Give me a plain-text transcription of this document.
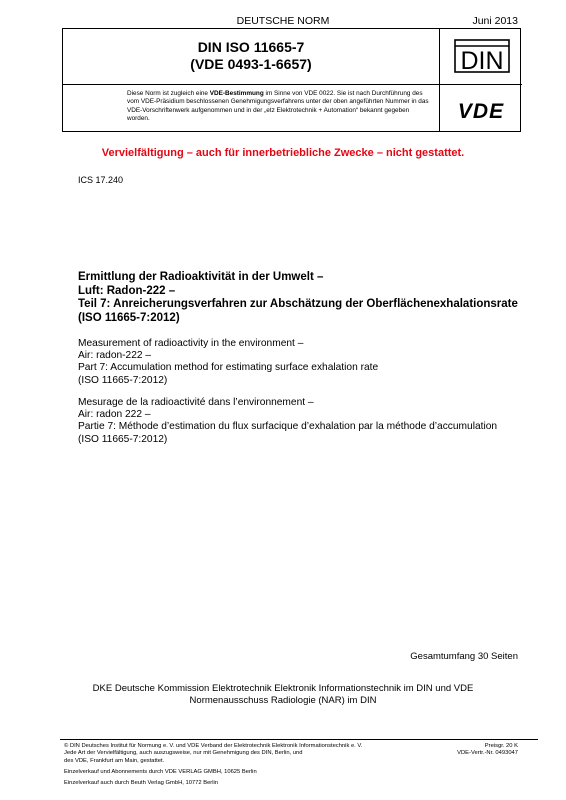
DEUTSCHE NORM	Juni 2013
DIN ISO 11665-7
(VDE 0493-1-6657)
Diese Norm ist zugleich eine VDE-Bestimmung im Sinne von VDE 0022. Sie ist nach Durchführung des vom VDE-Präsidium beschlossenen Genehmigungsverfahrens unter der oben angeführten Nummer in das VDE-Vorschriftenwerk aufgenommen und in der „etz Elektrotechnik + Automation“ bekannt gegeben worden.
DIN
VDE
Vervielfältigung – auch für innerbetriebliche Zwecke – nicht gestattet.
ICS 17.240
Ermittlung der Radioaktivität in der Umwelt –
Luft: Radon-222 –
Teil 7: Anreicherungsverfahren zur Abschätzung der Oberflächenexhalationsrate
(ISO 11665-7:2012)
Measurement of radioactivity in the environment –
Air: radon-222 –
Part 7: Accumulation method for estimating surface exhalation rate
(ISO 11665-7:2012)
Mesurage de la radioactivité dans l’environnement –
Air: radon 222 –
Partie 7: Méthode d’estimation du flux surfacique d’exhalation par la méthode d’accumulation
(ISO 11665-7:2012)
Gesamtumfang 30 Seiten
DKE Deutsche Kommission Elektrotechnik Elektronik Informationstechnik im DIN und VDE
Normenausschuss Radiologie (NAR) im DIN
© DIN Deutsches Institut für Normung e. V. und VDE Verband der Elektrotechnik Elektronik Informationstechnik e. V.
Jede Art der Vervielfältigung, auch auszugsweise, nur mit Genehmigung des DIN, Berlin, und
des VDE, Frankfurt am Main, gestattet.
Preisgr. 20 K
VDE-Vertr.-Nr. 0493047
Einzelverkauf und Abonnements durch VDE VERLAG GMBH, 10625 Berlin
Einzelverkauf auch durch Beuth Verlag GmbH, 10772 Berlin
